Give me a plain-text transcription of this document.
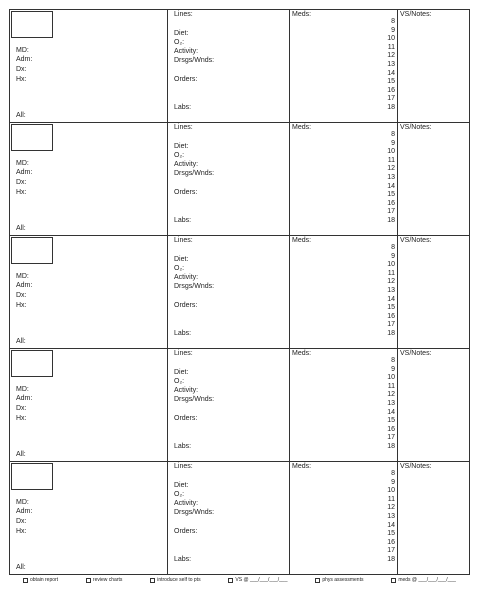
MD:
Adm:
Dx:
Hx:
All:
Lines:
Diet:
O₂:
Activity:
Drsgs/Wnds:
Orders:
Labs:
Meds:
8
9
10
11
12
13
14
15
16
17
18
VS/Notes:
MD:
Adm:
Dx:
Hx:
All:
Lines:
Diet:
O₂:
Activity:
Drsgs/Wnds:
Orders:
Labs:
Meds:
8
9
10
11
12
13
14
15
16
17
18
VS/Notes:
MD:
Adm:
Dx:
Hx:
All:
Lines:
Diet:
O₂:
Activity:
Drsgs/Wnds:
Orders:
Labs:
Meds:
8
9
10
11
12
13
14
15
16
17
18
VS/Notes:
MD:
Adm:
Dx:
Hx:
All:
Lines:
Diet:
O₂:
Activity:
Drsgs/Wnds:
Orders:
Labs:
Meds:
8
9
10
11
12
13
14
15
16
17
18
VS/Notes:
MD:
Adm:
Dx:
Hx:
All:
Lines:
Diet:
O₂:
Activity:
Drsgs/Wnds:
Orders:
Labs:
Meds:
8
9
10
11
12
13
14
15
16
17
18
VS/Notes:
obtain report	review charts	introduce self to pts	VS @ ___/___/___/___	phys assessments	meds @ ___/___/___/___
